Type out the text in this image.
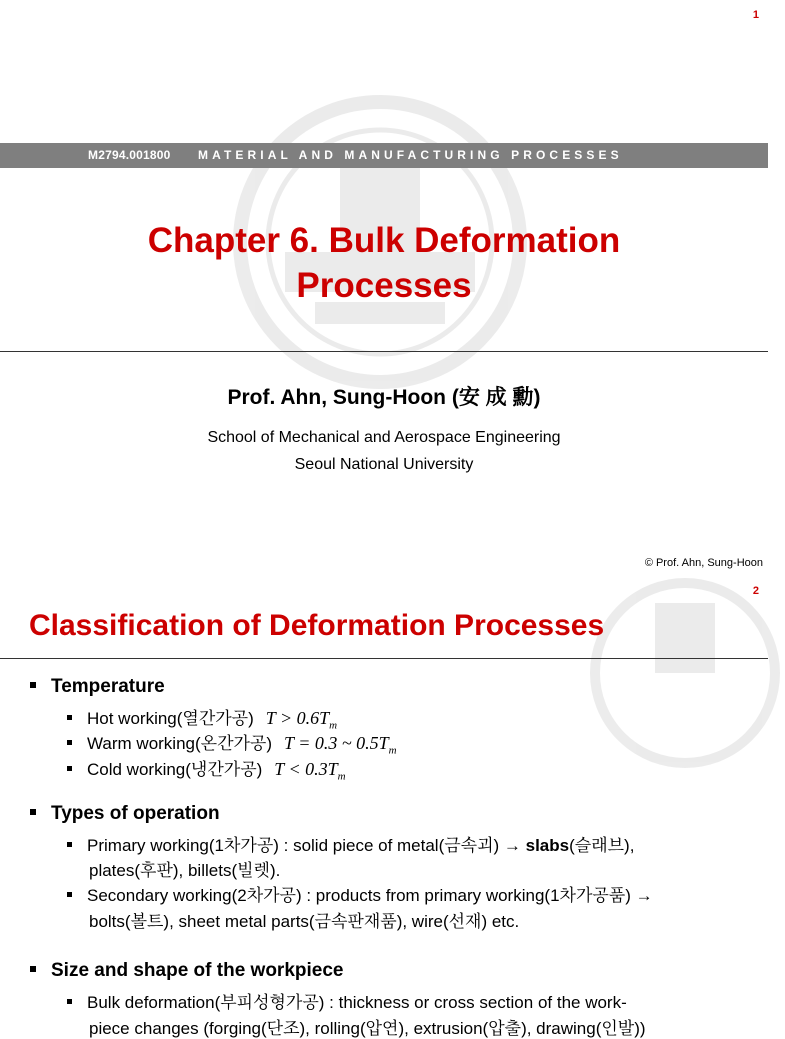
1
M2794.001800 MATERIAL AND MANUFACTURING PROCESSES
Chapter 6. Bulk Deformation
Processes
Prof. Ahn, Sung-Hoon (安 成 勳)
School of Mechanical and Aerospace Engineering
Seoul National University
© Prof. Ahn, Sung-Hoon
2
Classification of Deformation Processes
Temperature
Hot working(열간가공) $T > 0.6T_m$
Warm working(온간가공) T = 0.3 ~ $0.5T_m$
Cold working(냉간가공) $T < 0.3T_m$
Types of operation
Primary working(1차가공) : solid piece of metal(금속괴) → slabs(슬래브),
plates(후판), billets(빌렛).
Secondary working(2차가공) : products from primary working(1차가공품) →
bolts(볼트), sheet metal parts(금속판재품), wire(선재) etc.
Size and shape of the workpiece
Bulk deformation(부피성형가공) : thickness or cross section of the work-
piece changes (forging(단조), rolling(압연), extrusion(압출), drawing(인발))
